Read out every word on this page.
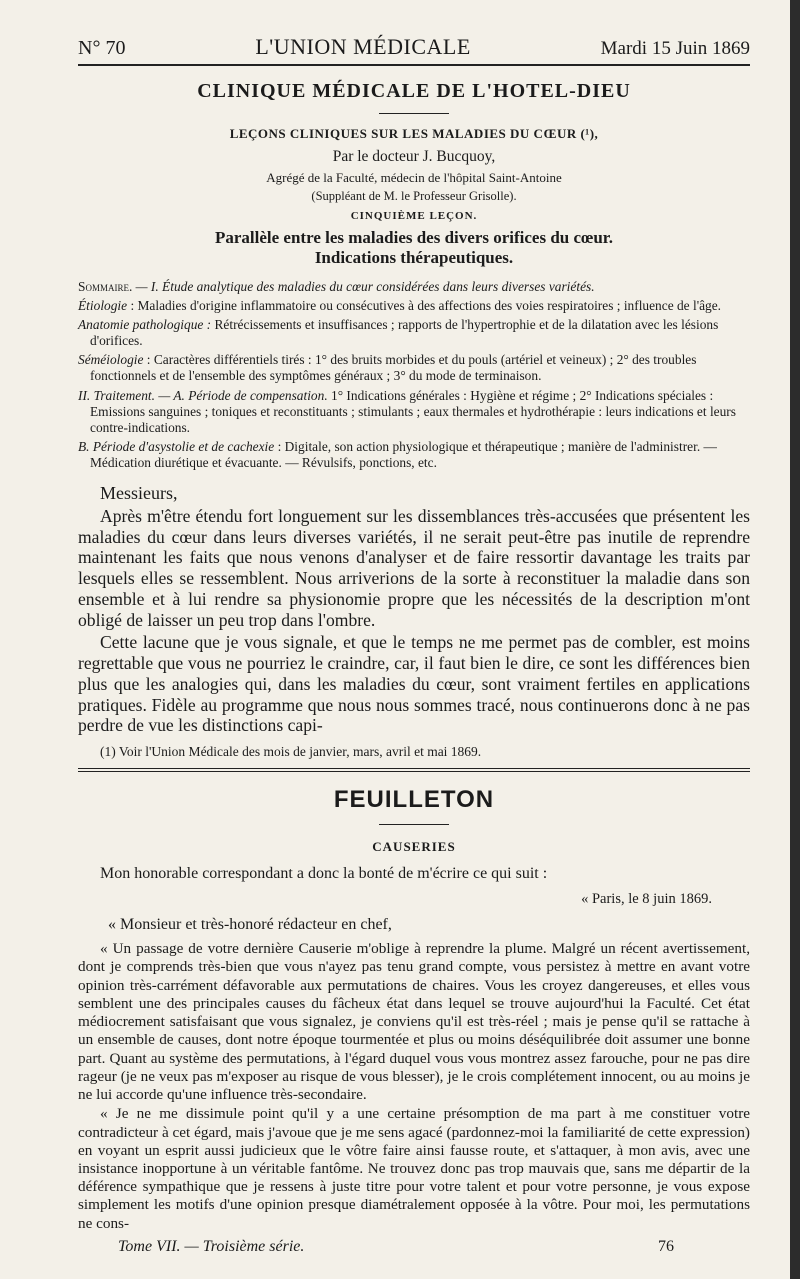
N° 70	L'UNION MÉDICALE	Mardi 15 Juin 1869
CLINIQUE MÉDICALE DE L'HOTEL-DIEU
LEÇONS CLINIQUES SUR LES MALADIES DU CŒUR (¹),
Par le docteur J. Bucquoy,
Agrégé de la Faculté, médecin de l'hôpital Saint-Antoine
(Suppléant de M. le Professeur Grisolle).
CINQUIÈME LEÇON.
Parallèle entre les maladies des divers orifices du cœur.
Indications thérapeutiques.

Sommaire. — I. Étude analytique des maladies du cœur considérées dans leurs diverses variétés.

Étiologie : Maladies d'origine inflammatoire ou consécutives à des affections des voies respiratoires ; influence de l'âge.

Anatomie pathologique : Rétrécissements et insuffisances ; rapports de l'hypertrophie et de la dilatation avec les lésions d'orifices.

Séméiologie : Caractères différentiels tirés : 1° des bruits morbides et du pouls (artériel et veineux) ; 2° des troubles fonctionnels et de l'ensemble des symptômes généraux ; 3° du mode de terminaison.

II. Traitement. — A. Période de compensation. 1° Indications générales : Hygiène et régime ; 2° Indications spéciales : Emissions sanguines ; toniques et reconstituants ; stimulants ; eaux thermales et hydrothérapie : leurs indications et leurs contre-indications.

B. Période d'asystolie et de cachexie : Digitale, son action physiologique et thérapeutique ; manière de l'administrer. — Médication diurétique et évacuante. — Révulsifs, ponctions, etc.

Messieurs,

Après m'être étendu fort longuement sur les dissemblances très-accusées que présentent les maladies du cœur dans leurs diverses variétés, il ne serait peut-être pas inutile de reprendre maintenant les faits que nous venons d'analyser et de faire ressortir davantage les traits par lesquels elles se ressemblent. Nous arriverions de la sorte à reconstituer la maladie dans son ensemble et à lui rendre sa physionomie propre que les nécessités de la description m'ont obligé de laisser un peu trop dans l'ombre.

Cette lacune que je vous signale, et que le temps ne me permet pas de combler, est moins regrettable que vous ne pourriez le craindre, car, il faut bien le dire, ce sont les différences bien plus que les analogies qui, dans les maladies du cœur, sont vraiment fertiles en applications pratiques. Fidèle au programme que nous nous sommes tracé, nous continuerons donc à ne pas perdre de vue les distinctions capi-

(1) Voir l'Union Médicale des mois de janvier, mars, avril et mai 1869.
FEUILLETON
CAUSERIES
Mon honorable correspondant a donc la bonté de m'écrire ce qui suit :
« Paris, le 8 juin 1869.
« Monsieur et très-honoré rédacteur en chef,

« Un passage de votre dernière Causerie m'oblige à reprendre la plume. Malgré un récent avertissement, dont je comprends très-bien que vous n'ayez pas tenu grand compte, vous persistez à mettre en avant votre opinion très-carrément défavorable aux permutations de chaires. Vous les croyez dangereuses, et elles vous semblent une des principales causes du fâcheux état dans lequel se trouve aujourd'hui la Faculté. Cet état médiocrement satisfaisant que vous signalez, je conviens qu'il est très-réel ; mais je pense qu'il se rattache à un ensemble de causes, dont notre époque tourmentée et plus ou moins déséquilibrée doit assumer une bonne part. Quant au système des permutations, à l'égard duquel vous vous montrez assez farouche, pour ne pas dire rageur (je ne veux pas m'exposer au risque de vous blesser), je le crois complétement innocent, ou au moins je ne lui accorde qu'une influence très-secondaire.

« Je ne me dissimule point qu'il y a une certaine présomption de ma part à me constituer votre contradicteur à cet égard, mais j'avoue que je me sens agacé (pardonnez-moi la familiarité de cette expression) en voyant un esprit aussi judicieux que le vôtre faire ainsi fausse route, et s'attaquer, à mon avis, avec une insistance inopportune à un véritable fantôme. Ne trouvez donc pas trop mauvais que, sans me départir de la déférence sympathique que je ressens à juste titre pour votre talent et pour votre personne, je vous expose simplement les motifs d'une opinion presque diamétralement opposée à la vôtre. Pour moi, les permutations ne cons-

Tome VII. — Troisième série.	76
